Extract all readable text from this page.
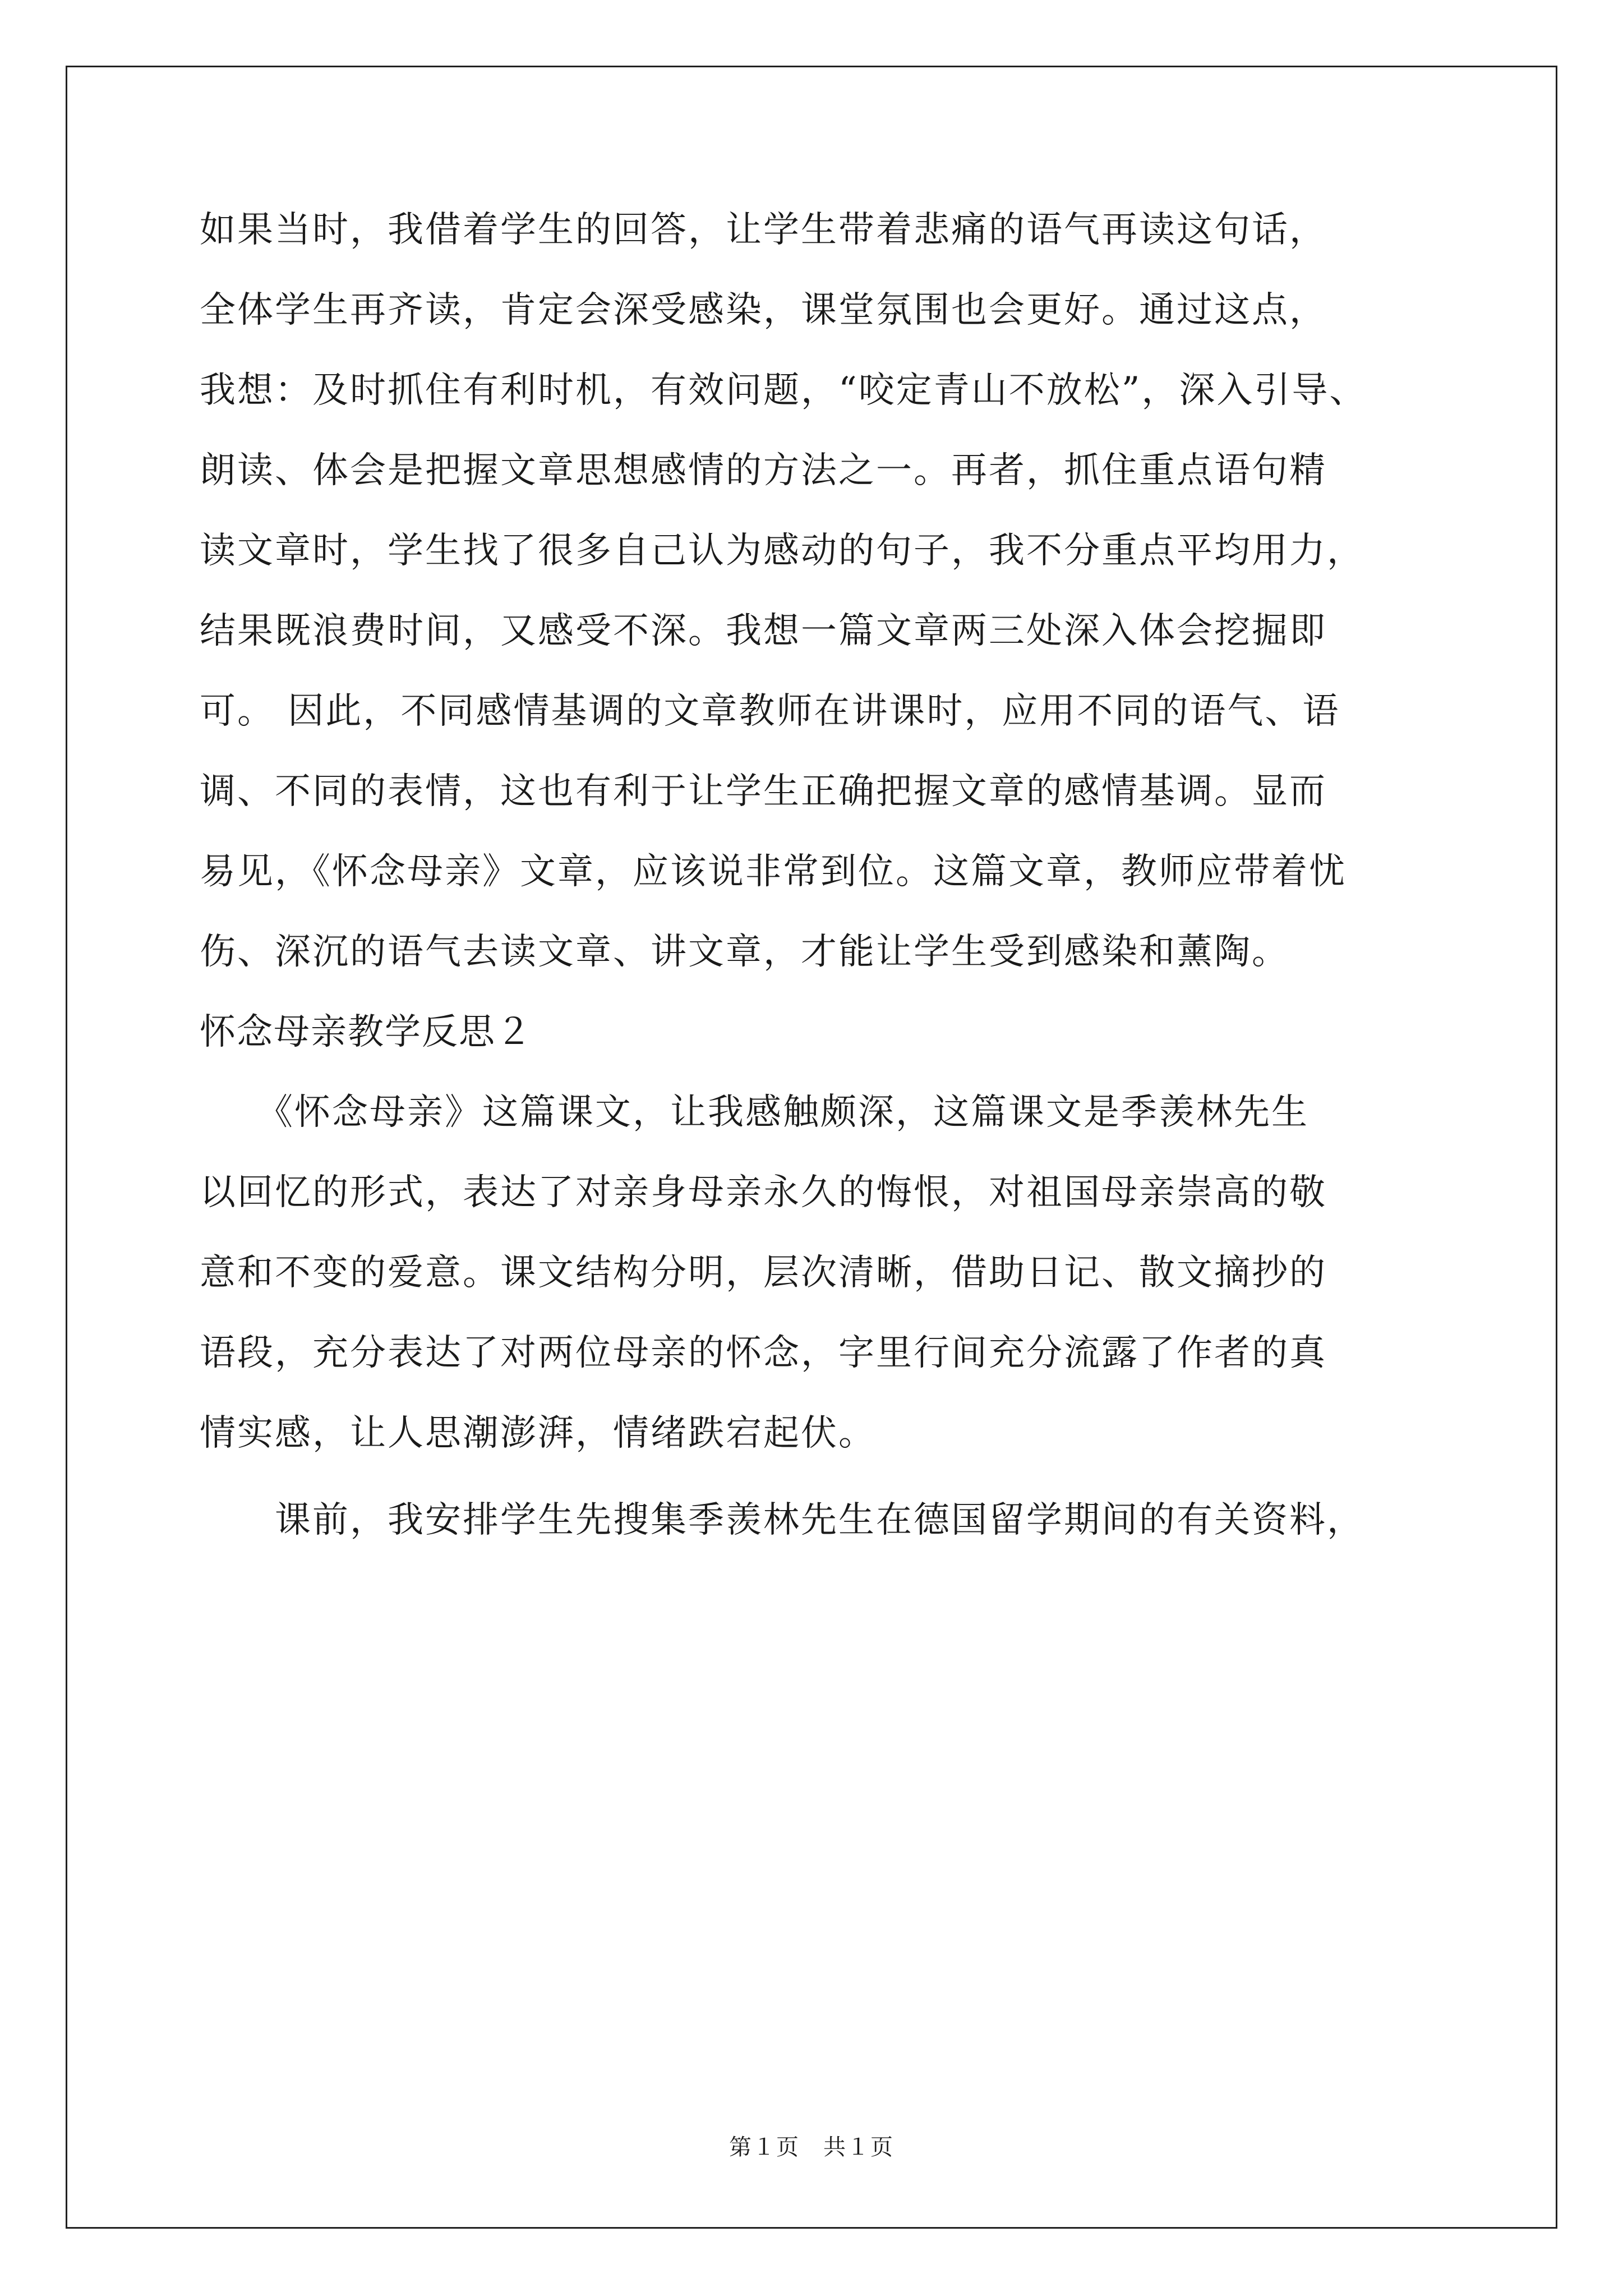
如果当时，我借着学生的回答，让学生带着悲痛的语气再读这句话，
全体学生再齐读，肯定会深受感染，课堂氛围也会更好。通过这点，
我想：及时抓住有利时机，有效问题，“咬定青山不放松”，深入引导、
朗读、体会是把握文章思想感情的方法之一。再者，抓住重点语句精
读文章时，学生找了很多自己认为感动的句子，我不分重点平均用力，
结果既浪费时间，又感受不深。我想一篇文章两三处深入体会挖掘即
可。 因此，不同感情基调的文章教师在讲课时，应用不同的语气、语
调、不同的表情，这也有利于让学生正确把握文章的感情基调。显而
易见，《怀念母亲》文章，应该说非常到位。这篇文章，教师应带着忧
伤、深沉的语气去读文章、讲文章，才能让学生受到感染和薰陶。
怀念母亲教学反思２
　　《怀念母亲》这篇课文，让我感触颇深，这篇课文是季羡林先生
以回忆的形式，表达了对亲身母亲永久的悔恨，对祖国母亲崇高的敬
意和不变的爱意。课文结构分明，层次清晰，借助日记、散文摘抄的
语段，充分表达了对两位母亲的怀念，字里行间充分流露了作者的真
情实感，让人思潮澎湃，情绪跌宕起伏。
　　课前，我安排学生先搜集季羡林先生在德国留学期间的有关资料，
第１页　共１页
